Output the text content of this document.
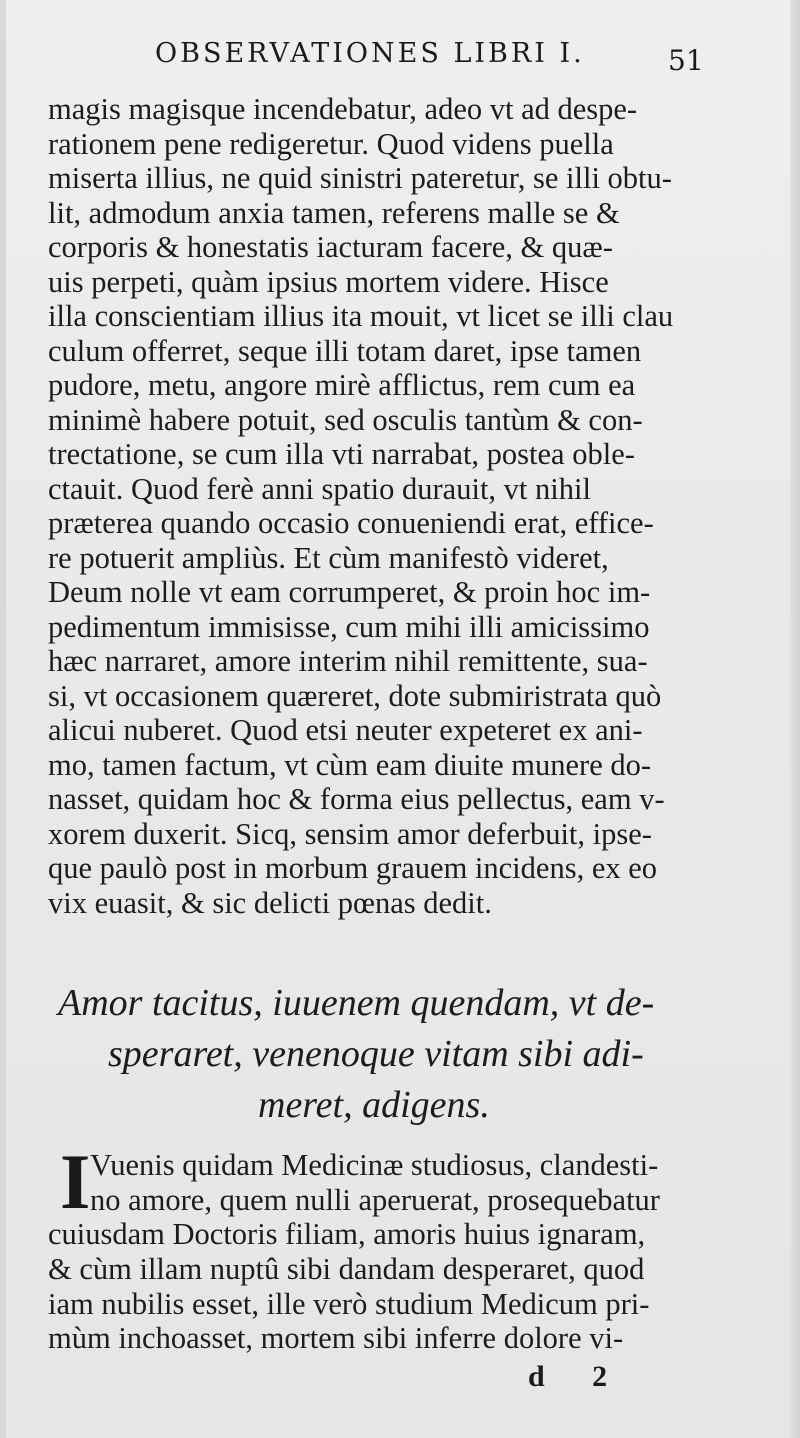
OBSERVATIONES LIBRI I.	51
magis magisque incendebatur, adeo vt ad despe-
rationem pene redigeretur. Quod videns puella
miserta illius, ne quid sinistri pateretur, se illi obtu-
lit, admodum anxia tamen, referens malle se &
corporis & honestatis iacturam facere, & quæ-
uis perpeti, quàm ipsius mortem videre. Hisce
illa conscientiam illius ita mouit, vt licet se illi clau
culum offerret, seque illi totam daret, ipse tamen
pudore, metu, angore mirè afflictus, rem cum ea
minimè habere potuit, sed osculis tantùm & con-
trectatione, se cum illa vti narrabat, postea oble-
ctauit. Quod ferè anni spatio durauit, vt nihil
præterea quando occasio conueniendi erat, effice-
re potuerit ampliùs. Et cùm manifestò videret,
Deum nolle vt eam corrumperet, & proin hoc im-
pedimentum immisisse, cum mihi illi amicissimo
hæc narraret, amore interim nihil remittente, sua-
si, vt occasionem quæreret, dote submiristrata quò
alicui nuberet. Quod etsi neuter expeteret ex ani-
mo, tamen factum, vt cùm eam diuite munere do-
nasset, quidam hoc & forma eius pellectus, eam v-
xorem duxerit. Sicq, sensim amor deferbuit, ipse-
que paulò post in morbum grauem incidens, ex eo
vix euasit, & sic delicti pœnas dedit.
Amor tacitus, iuuenem quendam, vt de-
speraret, venenoque vitam sibi adi-
meret, adigens.
I Vuenis quidam Medicinæ studiosus, clandesti-
no amore, quem nulli aperuerat, prosequebatur
cuiusdam Doctoris filiam, amoris huius ignaram,
& cùm illam nuptû sibi dandam desperaret, quod
iam nubilis esset, ille verò studium Medicum pri-
mùm inchoasset, mortem sibi inferre dolore vi-
d 2
